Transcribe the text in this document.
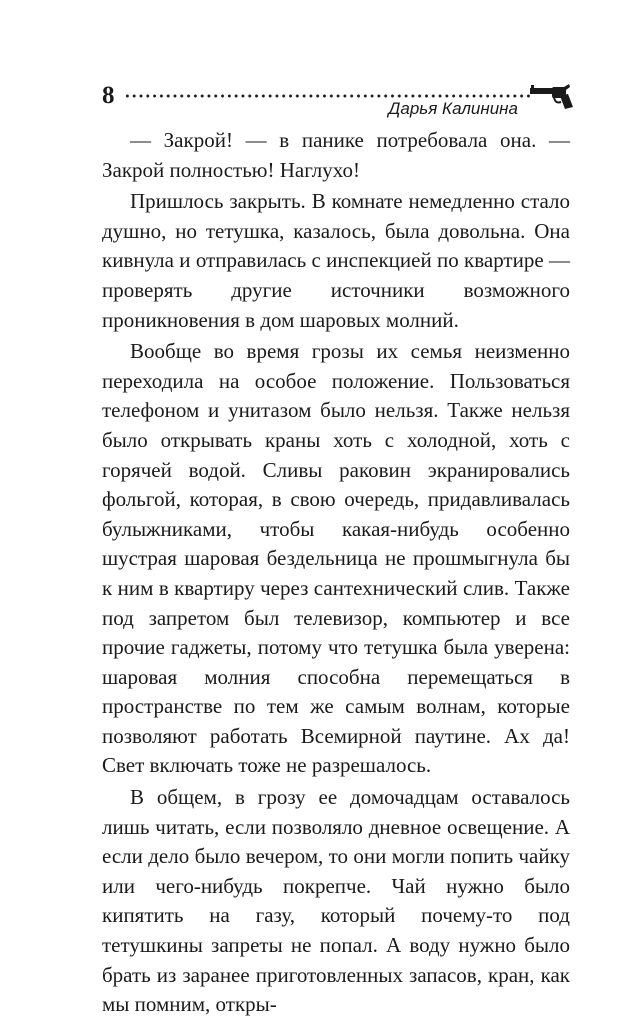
8	Дарья Калинина

— Закрой! — в панике потребовала она. — Закрой полностью! Наглухо!

Пришлось закрыть. В комнате немедленно стало душно, но тетушка, казалось, была довольна. Она кивнула и отправилась с инспекцией по квартире — проверять другие источники возможного проникновения в дом шаровых молний.

Вообще во время грозы их семья неизменно переходила на особое положение. Пользоваться телефоном и унитазом было нельзя. Также нельзя было открывать краны хоть с холодной, хоть с горячей водой. Сливы раковин экранировались фольгой, которая, в свою очередь, придавливалась булыжниками, чтобы какая-нибудь особенно шустрая шаровая бездельница не прошмыгнула бы к ним в квартиру через сантехнический слив. Также под запретом был телевизор, компьютер и все прочие гаджеты, потому что тетушка была уверена: шаровая молния способна перемещаться в пространстве по тем же самым волнам, которые позволяют работать Всемирной паутине. Ах да! Свет включать тоже не разрешалось.

В общем, в грозу ее домочадцам оставалось лишь читать, если позволяло дневное освещение. А если дело было вечером, то они могли попить чайку или чего-нибудь покрепче. Чай нужно было кипятить на газу, который почему-то под тетушкины запреты не попал. А воду нужно было брать из заранее приготовленных запасов, кран, как мы помним, откры-
